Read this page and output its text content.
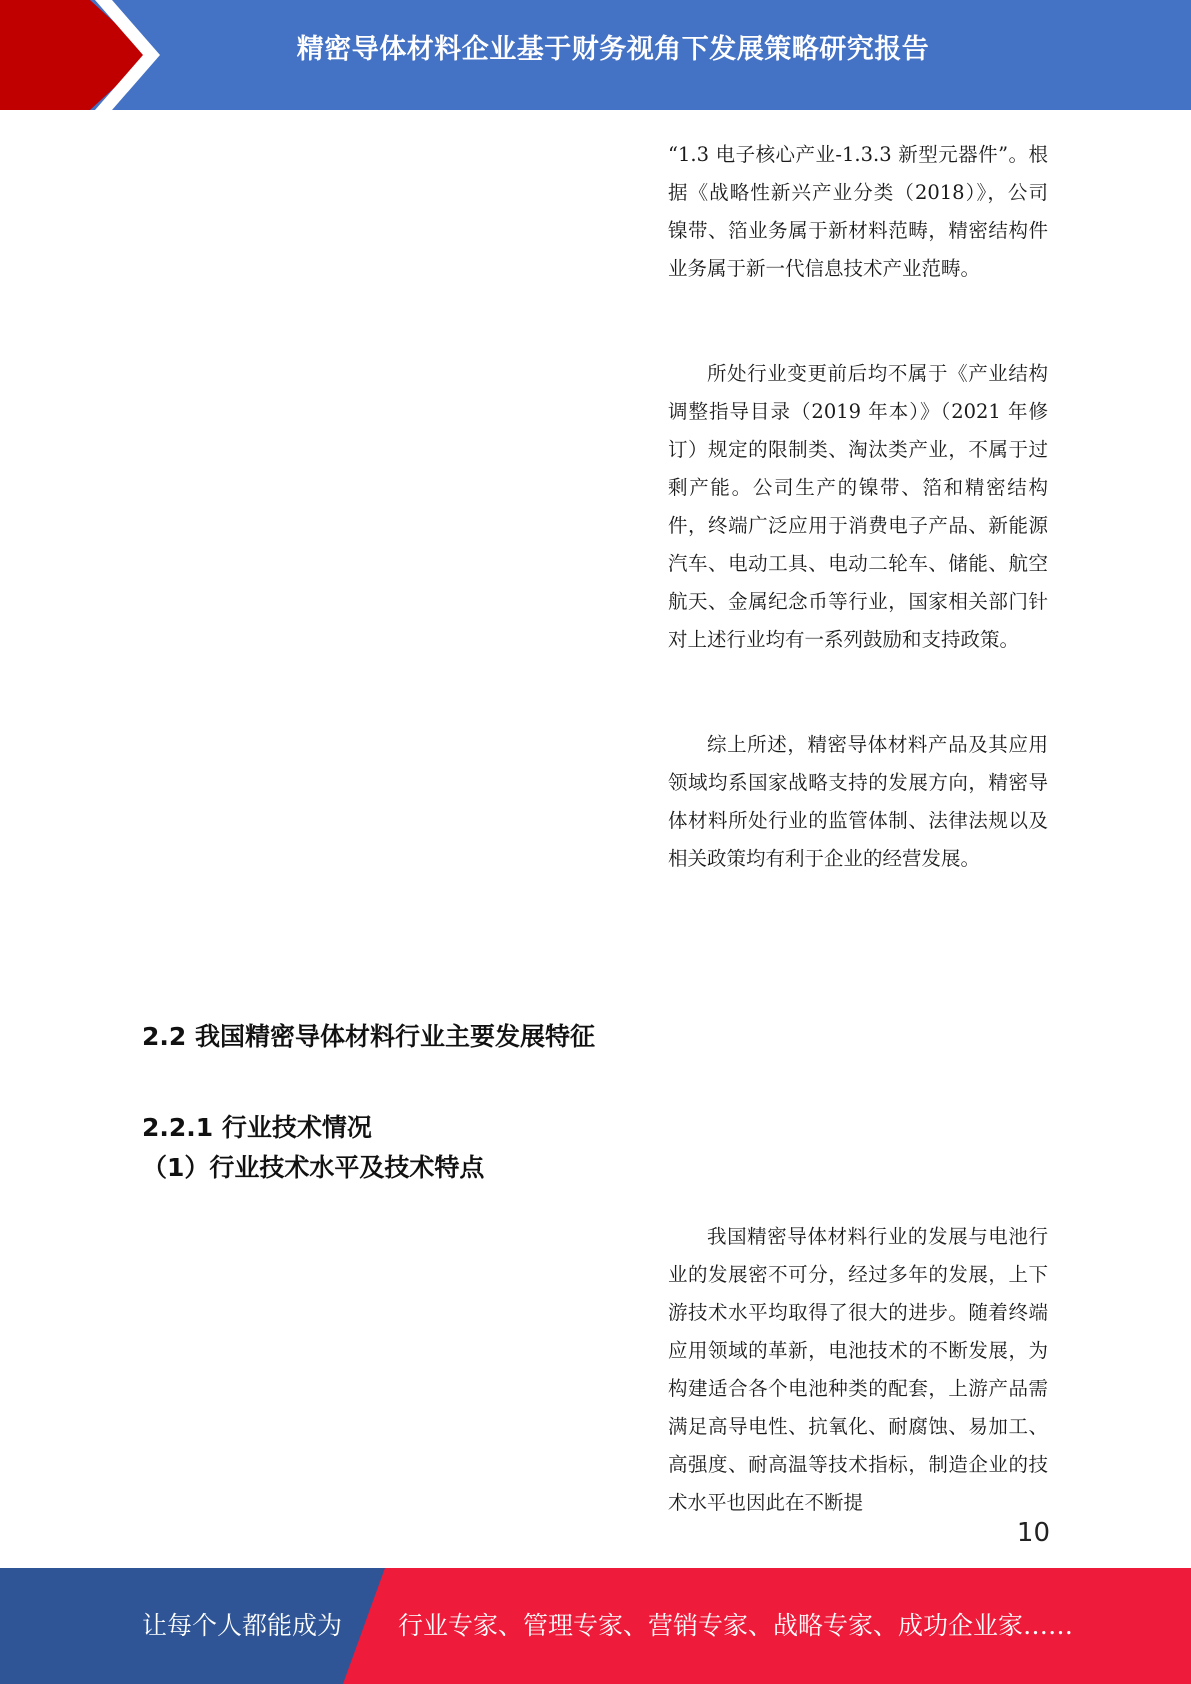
精密导体材料企业基于财务视角下发展策略研究报告

“1.3 电子核心产业-1.3.3 新型元器件”。根据《战略性新兴产业分类（2018）》，公司镍带、箔业务属于新材料范畴，精密结构件业务属于新一代信息技术产业范畴。

所处行业变更前后均不属于《产业结构调整指导目录（2019 年本）》（2021 年修订）规定的限制类、淘汰类产业，不属于过剩产能。公司生产的镍带、箔和精密结构件，终端广泛应用于消费电子产品、新能源汽车、电动工具、电动二轮车、储能、航空航天、金属纪念币等行业，国家相关部门针对上述行业均有一系列鼓励和支持政策。

综上所述，精密导体材料产品及其应用领域均系国家战略支持的发展方向，精密导体材料所处行业的监管体制、法律法规以及相关政策均有利于企业的经营发展。

2.2 我国精密导体材料行业主要发展特征
2.2.1 行业技术情况
（1）行业技术水平及技术特点

我国精密导体材料行业的发展与电池行业的发展密不可分，经过多年的发展，上下游技术水平均取得了很大的进步。随着终端应用领域的革新，电池技术的不断发展，为构建适合各个电池种类的配套，上游产品需满足高导电性、抗氧化、耐腐蚀、易加工、高强度、耐高温等技术指标，制造企业的技术水平也因此在不断提

10
让每个人都能成为 行业专家、管理专家、营销专家、战略专家、成功企业家……
